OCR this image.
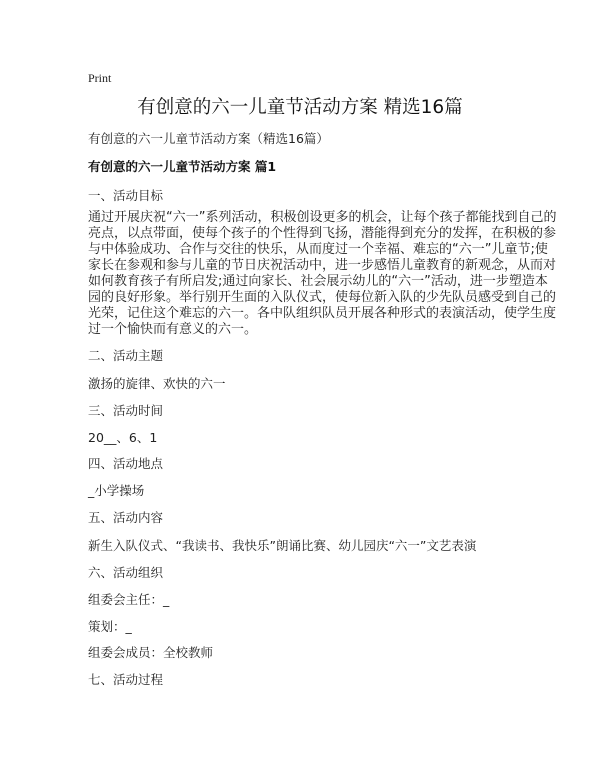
Print
有创意的六一儿童节活动方案 精选16篇
有创意的六一儿童节活动方案（精选16篇）
有创意的六一儿童节活动方案 篇1
一、活动目标
通过开展庆祝“六一”系列活动，积极创设更多的机会，让每个孩子都能找到自己的
亮点，以点带面，使每个孩子的个性得到飞扬，潜能得到充分的发挥，在积极的参
与中体验成功、合作与交往的快乐，从而度过一个幸福、难忘的“六一”儿童节;使
家长在参观和参与儿童的节日庆祝活动中，进一步感悟儿童教育的新观念，从而对
如何教育孩子有所启发;通过向家长、社会展示幼儿的“六一”活动，进一步塑造本
园的良好形象。举行别开生面的入队仪式，使每位新入队的少先队员感受到自己的
光荣，记住这个难忘的六一。各中队组织队员开展各种形式的表演活动，使学生度
过一个愉快而有意义的六一。
二、活动主题
激扬的旋律、欢快的六一
三、活动时间
20__、6、1
四、活动地点
_小学操场
五、活动内容
新生入队仪式、“我读书、我快乐”朗诵比赛、幼儿园庆“六一”文艺表演
六、活动组织
组委会主任：_
策划：_
组委会成员：全校教师
七、活动过程
